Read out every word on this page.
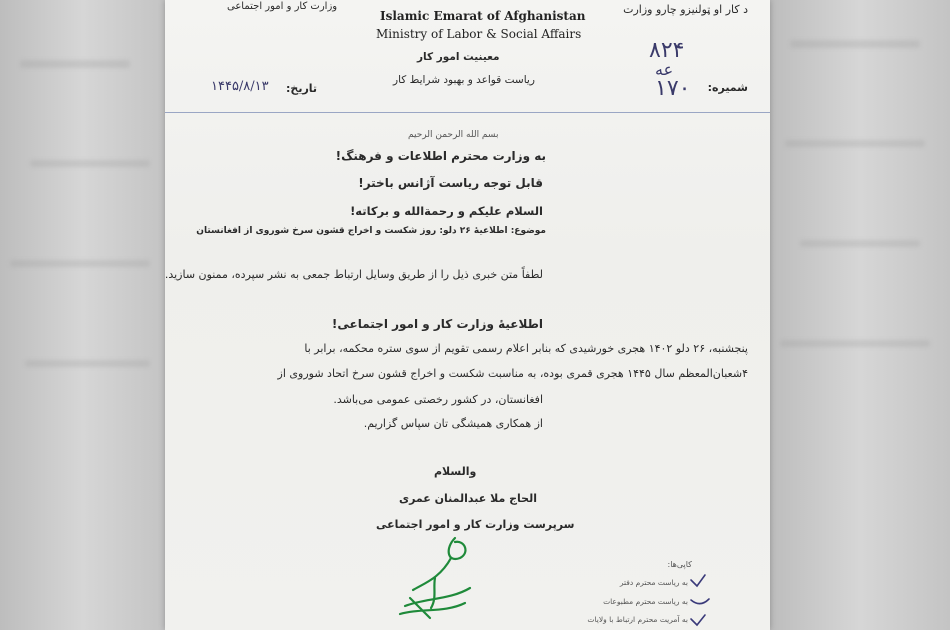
د کار او ټولنیزو چارو وزارت
وزارت کار و امور اجتماعی
Islamic Emarat of Afghanistan
Ministry of Labor & Social Affairs
معینیت امور کار
ریاست قواعد و بهبود شرایط کار
شمیره:
۸۲۴
عه
۱۷۰
تاریخ:
۱۴۴۵/۸/۱۳
بسم الله الرحمن الرحیم
به وزارت محترم اطلاعات و فرهنگ!
قابل توجه ریاست آژانس باختر!
السلام علیکم و رحمة‌الله و برکاته!
موضوع: اطلاعیۀ ۲۶ دلو: روز شکست و اخراج قشون سرخ شوروی از افغانستان
لطفاً متن خبری ذیل را از طریق وسایل ارتباط جمعی به نشر سپرده، ممنون سازید.
اطلاعیۀ وزارت کار و امور اجتماعی!
پنجشنبه، ۲۶ دلو ۱۴۰۲ هجری خورشیدی که بنابر اعلام رسمی تقویم از سوی ستره محکمه، برابر با
۴شعبان‌المعظم سال ۱۴۴۵ هجری قمری بوده، به مناسبت شکست و اخراج قشون سرخ اتحاد شوروی از
افغانستان، در کشور رخصتی عمومی می‌باشد.
از همکاری همیشگی تان سپاس گزاریم.
والسلام
الحاج ملا عبدالمنان عمری
سرپرست وزارت کار و امور اجتماعی
کاپی‌ها:
به ریاست محترم دفتر
به ریاست محترم مطبوعات
به آمریت محترم ارتباط با ولایات
